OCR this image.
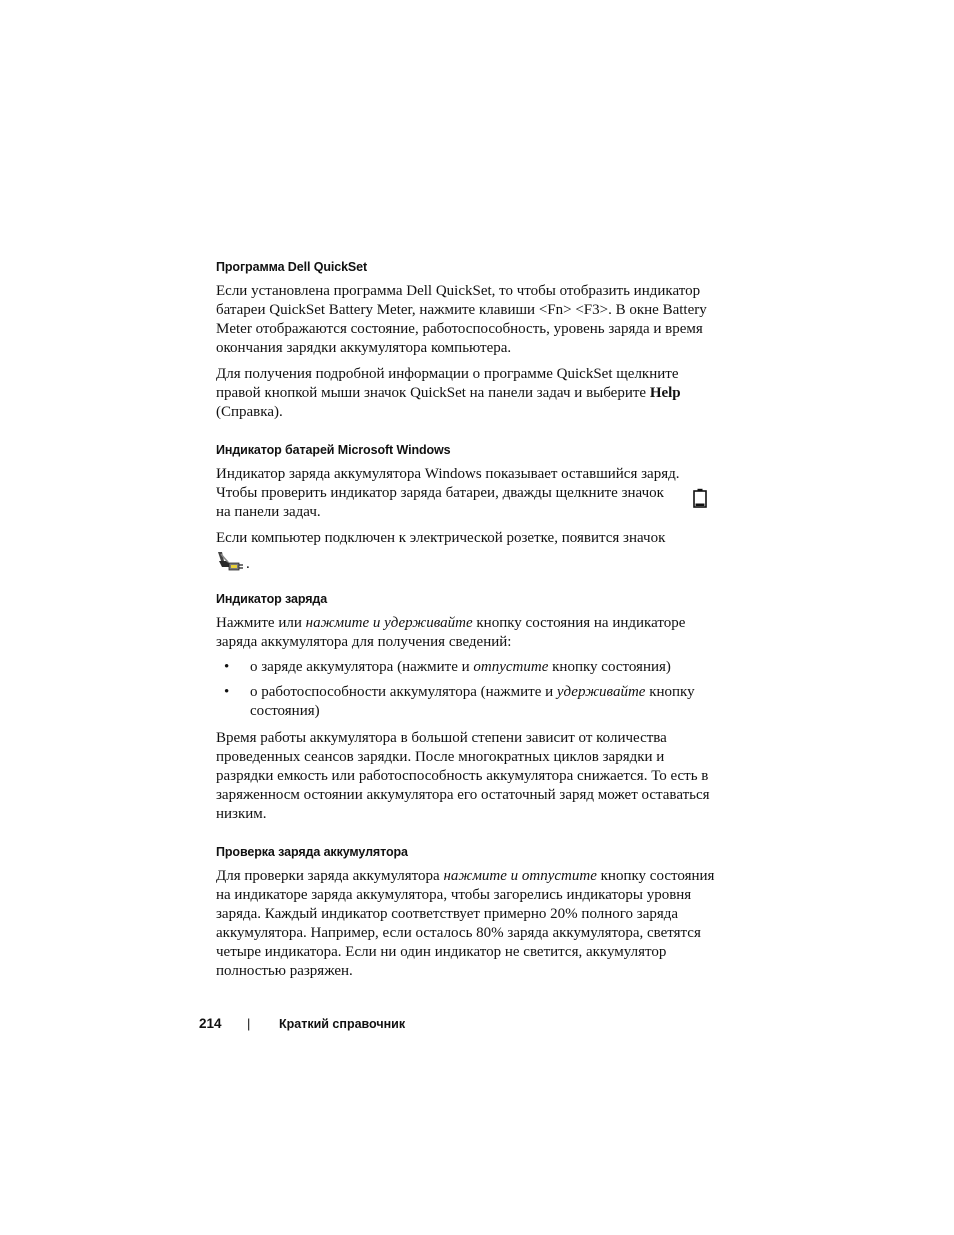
Программа Dell QuickSet

Если установлена программа Dell QuickSet, то чтобы отобразить индикатор батареи QuickSet Battery Meter, нажмите клавиши <Fn> <F3>. В окне Battery Meter отображаются состояние, работоспособность, уровень заряда и время окончания зарядки аккумулятора компьютера.

Для получения подробной информации о программе QuickSet щелкните правой кнопкой мыши значок QuickSet на панели задач и выберите Help (Справка).

Индикатор батарей Microsoft Windows

Индикатор заряда аккумулятора Windows показывает оставшийся заряд.

Чтобы проверить индикатор заряда батареи, дважды щелкните значок

на панели задач.

Если компьютер подключен к электрической розетке, появится значок

.
Индикатор заряда

Нажмите или нажмите и удерживайте кнопку состояния на индикаторе заряда аккумулятора для получения сведений:

• о заряде аккумулятора (нажмите и отпустите кнопку состояния)
• о работоспособности аккумулятора (нажмите и удерживайте кнопку состояния)

Время работы аккумулятора в большой степени зависит от количества проведенных сеансов зарядки. После многократных циклов зарядки и разрядки емкость или работоспособность аккумулятора снижается. То есть в заряженносм остоянии аккумулятора его остаточный заряд может оставаться низким.

Проверка заряда аккумулятора

Для проверки заряда аккумулятора нажмите и отпустите кнопку состояния на индикаторе заряда аккумулятора, чтобы загорелись индикаторы уровня заряда. Каждый индикатор соответствует примерно 20% полного заряда аккумулятора. Например, если осталось 80% заряда аккумулятора, светятся четыре индикатора. Если ни один индикатор не светится, аккумулятор полностью разряжен.

214 | Краткий справочник
